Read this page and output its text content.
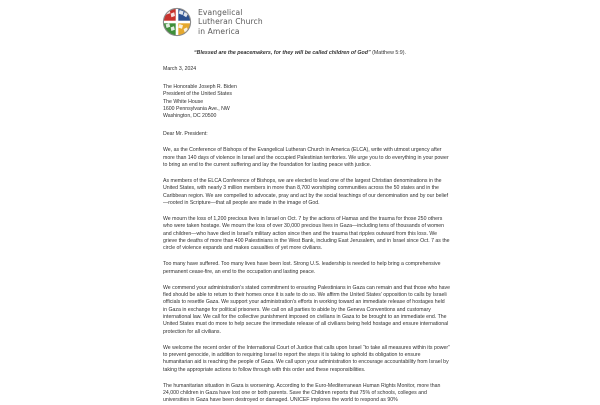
Evangelical
Lutheran Church
in America
“Blessed are the peacemakers, for they will be called children of God” (Matthew 5:9).
March 3, 2024
The Honorable Joseph R. Biden
President of the United States
The White House
1600 Pennsylvania Ave., NW
Washington, DC 20500
Dear Mr. President:

We, as the Conference of Bishops of the Evangelical Lutheran Church in America (ELCA), write with utmost urgency after more than 140 days of violence in Israel and the occupied Palestinian territories. We urge you to do everything in your power to bring an end to the current suffering and lay the foundation for lasting peace with justice.

As members of the ELCA Conference of Bishops, we are elected to lead one of the largest Christian denominations in the United States, with nearly 3 million members in more than 8,700 worshiping communities across the 50 states and in the Caribbean region. We are compelled to advocate, pray and act by the social teachings of our denomination and by our belief—rooted in Scripture—that all people are made in the image of God.

We mourn the loss of 1,200 precious lives in Israel on Oct. 7 by the actions of Hamas and the trauma for those 250 others who were taken hostage. We mourn the loss of over 30,000 precious lives in Gaza—including tens of thousands of women and children—who have died in Israel’s military action since then and the trauma that ripples outward from this loss. We grieve the deaths of more than 400 Palestinians in the West Bank, including East Jerusalem, and in Israel since Oct. 7 as the circle of violence expands and makes casualties of yet more civilians.

Too many have suffered. Too many lives have been lost. Strong U.S. leadership is needed to help bring a comprehensive permanent cease-fire, an end to the occupation and lasting peace.

We commend your administration’s stated commitment to ensuring Palestinians in Gaza can remain and that those who have fled should be able to return to their homes once it is safe to do so. We affirm the United States’ opposition to calls by Israeli officials to resettle Gaza. We support your administration’s efforts in working toward an immediate release of hostages held in Gaza in exchange for political prisoners. We call on all parties to abide by the Geneva Conventions and customary international law. We call for the collective punishment imposed on civilians in Gaza to be brought to an immediate end. The United States must do more to help secure the immediate release of all civilians being held hostage and ensure international protection for all civilians.

We welcome the recent order of the International Court of Justice that calls upon Israel “to take all measures within its power” to prevent genocide, in addition to requiring Israel to report the steps it is taking to uphold its obligation to ensure humanitarian aid is reaching the people of Gaza. We call upon your administration to encourage accountability from Israel by taking the appropriate actions to follow through with this order and these responsibilities.

The humanitarian situation in Gaza is worsening. According to the Euro-Mediterranean Human Rights Monitor, more than 24,000 children in Gaza have lost one or both parents. Save the Children reports that 75% of schools, colleges and universities in Gaza have been destroyed or damaged. UNICEF implores the world to respond as 90%
